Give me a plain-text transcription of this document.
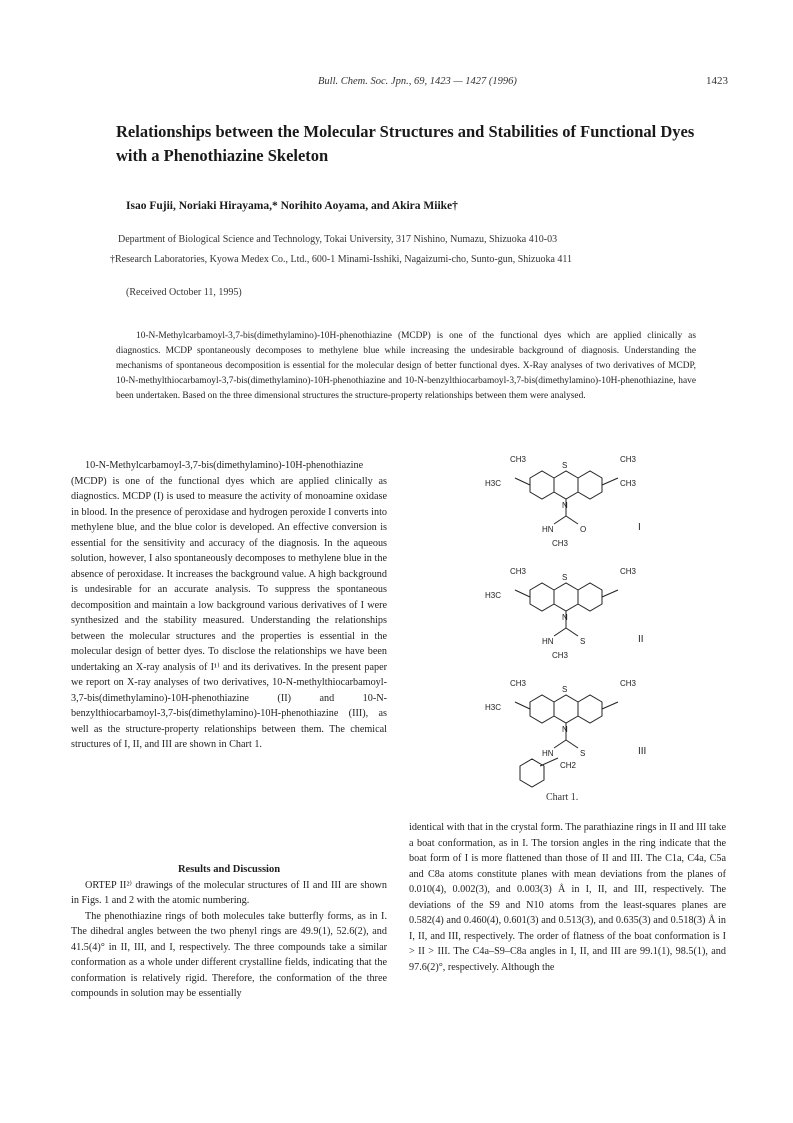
Bull. Chem. Soc. Jpn., 69, 1423 — 1427 (1996)	1423
Relationships between the Molecular Structures and Stabilities of Functional Dyes with a Phenothiazine Skeleton
Isao Fujii, Noriaki Hirayama,* Norihito Aoyama, and Akira Miike†
Department of Biological Science and Technology, Tokai University, 317 Nishino, Numazu, Shizuoka 410-03
†Research Laboratories, Kyowa Medex Co., Ltd., 600-1 Minami-Isshiki, Nagaizumi-cho, Sunto-gun, Shizuoka 411
(Received October 11, 1995)

10-N-Methylcarbamoyl-3,7-bis(dimethylamino)-10H-phenothiazine (MCDP) is one of the functional dyes which are applied clinically as diagnostics. MCDP spontaneously decomposes to methylene blue while increasing the undesirable background of diagnosis. Understanding the mechanisms of spontaneous decomposition is essential for the molecular design of better functional dyes. X-Ray analyses of two derivatives of MCDP, 10-N-methylthiocarbamoyl-3,7-bis(dimethylamino)-10H-phenothiazine and 10-N-benzylthiocarbamoyl-3,7-bis(dimethylamino)-10H-phenothiazine, have been undertaken. Based on the three dimensional structures the structure-property relationships between them were analysed.

10-N-Methylcarbamoyl-3,7-bis(dimethylamino)-10H-phenothiazine (MCDP) is one of the functional dyes which are applied clinically as diagnostics. MCDP (I) is used to measure the activity of monoamine oxidase in blood. In the presence of peroxidase and hydrogen peroxide I converts into methylene blue, and the blue color is developed. An effective conversion is essential for the sensitivity and accuracy of the diagnosis. In the aqueous solution, however, I also spontaneously decomposes to methylene blue in the absence of peroxidase. It increases the background value. A high background is undesirable for an accurate analysis. To suppress the spontaneous decomposition and maintain a low background various derivatives of I were synthesized and the stability measured. Understanding the relationships between the molecular structures and the properties is essential in the molecular design of better dyes. To disclose the relationships we have been undertaking an X-ray analysis of I¹⁾ and its derivatives. In the present paper we report on X-ray analyses of two derivatives, 10-N-methylthiocarbamoyl-3,7-bis(dimethylamino)-10H-phenothiazine (II) and 10-N-benzylthiocarbamoyl-3,7-bis(dimethylamino)-10H-phenothiazine (III), as well as the structure-property relationships between them. The chemical structures of I, II, and III are shown in Chart 1.

Results and Discussion

ORTEP II²⁾ drawings of the molecular structures of II and III are shown in Figs. 1 and 2 with the atomic numbering.

The phenothiazine rings of both molecules take butterfly forms, as in I. The dihedral angles between the two phenyl rings are 49.9(1), 52.6(2), and 41.5(4)° in II, III, and I, respectively. The three compounds take a similar conformation as a whole under different crystalline fields, indicating that the conformation is relatively rigid. Therefore, the conformation of the three compounds in solution may be essentially

identical with that in the crystal form. The parathiazine rings in II and III take a boat conformation, as in I. The torsion angles in the ring indicate that the boat form of I is more flattened than those of II and III. The C1a, C4a, C5a and C8a atoms constitute planes with mean deviations from the planes of 0.010(4), 0.002(3), and 0.003(3) Å in I, II, and III, respectively. The deviations of the S9 and N10 atoms from the least-squares planes are 0.582(4) and 0.460(4), 0.601(3) and 0.513(3), and 0.635(3) and 0.518(3) Å in I, II, and III, respectively. The order of flatness of the boat conformation is I > II > III. The C4a–S9–C8a angles in I, II, and III are 99.1(1), 98.5(1), and 97.6(2)°, respectively. Although the

CH3	CH3
H3C	CH3
S
N
HN	O
CH3
I
CH3
H3C
CH3
S
N
HN	S
CH3
II
CH3
H3C
CH3
S
N
HN	S
CH2
III
Chart 1.
